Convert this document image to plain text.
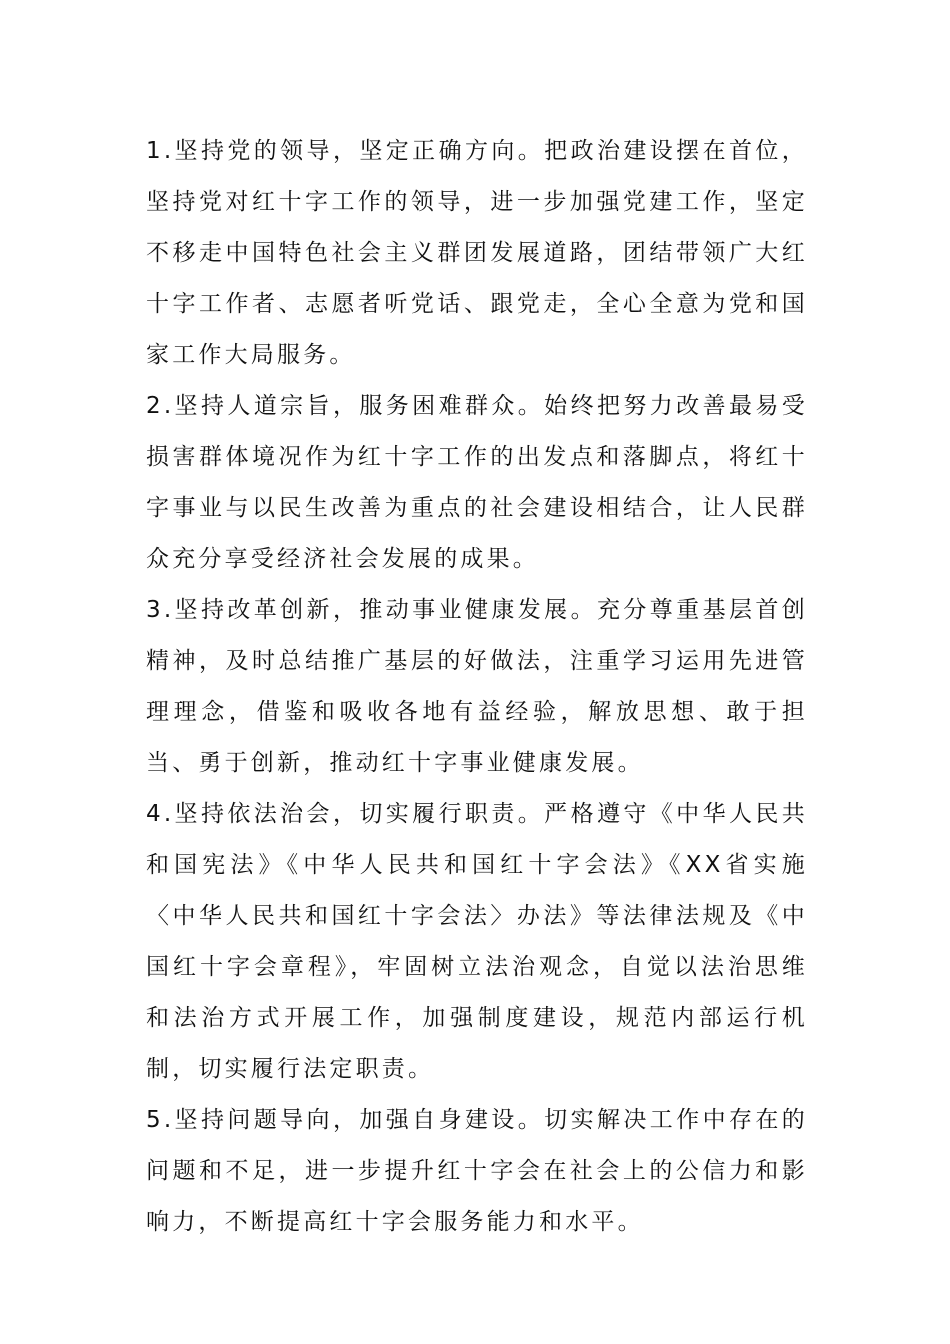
1.坚持党的领导，坚定正确方向。把政治建设摆在首位，坚持党对红十字工作的领导，进一步加强党建工作，坚定不移走中国特色社会主义群团发展道路，团结带领广大红十字工作者、志愿者听党话、跟党走，全心全意为党和国家工作大局服务。

2.坚持人道宗旨，服务困难群众。始终把努力改善最易受损害群体境况作为红十字工作的出发点和落脚点，将红十字事业与以民生改善为重点的社会建设相结合，让人民群众充分享受经济社会发展的成果。

3.坚持改革创新，推动事业健康发展。充分尊重基层首创精神，及时总结推广基层的好做法，注重学习运用先进管理理念，借鉴和吸收各地有益经验，解放思想、敢于担当、勇于创新，推动红十字事业健康发展。

4.坚持依法治会，切实履行职责。严格遵守《中华人民共和国宪法》《中华人民共和国红十字会法》《XX省实施〈中华人民共和国红十字会法〉办法》等法律法规及《中国红十字会章程》，牢固树立法治观念，自觉以法治思维和法治方式开展工作，加强制度建设，规范内部运行机制，切实履行法定职责。

5.坚持问题导向，加强自身建设。切实解决工作中存在的问题和不足，进一步提升红十字会在社会上的公信力和影响力，不断提高红十字会服务能力和水平。
